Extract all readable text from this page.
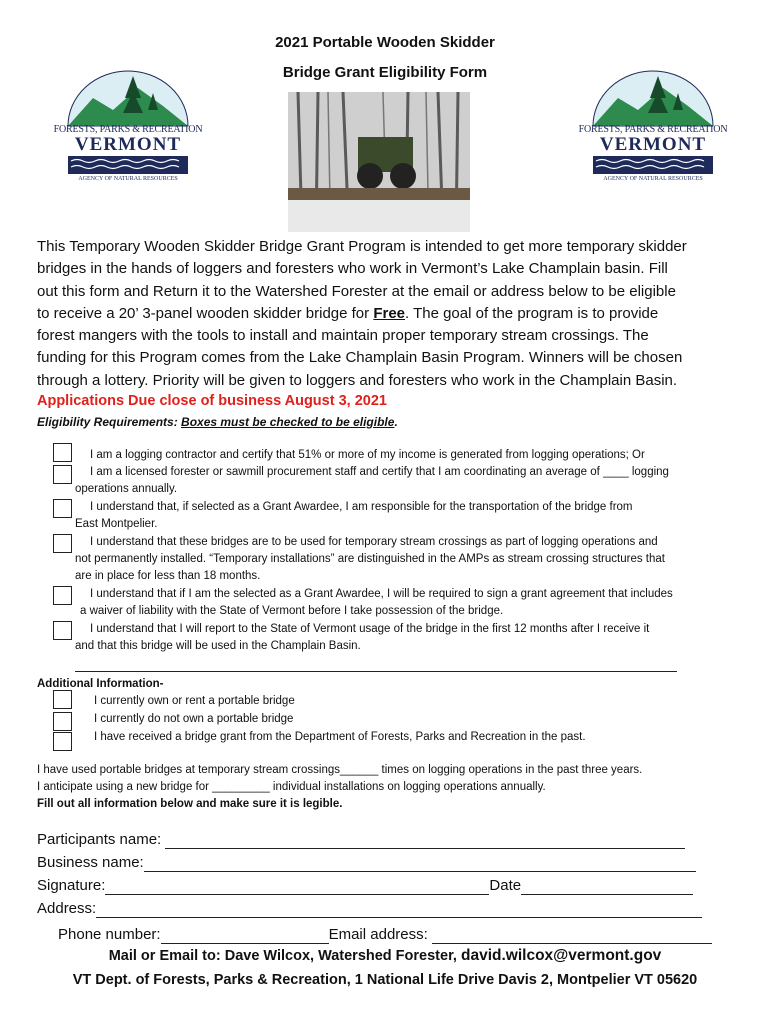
2021 Portable Wooden Skidder
Bridge Grant Eligibility Form
FORESTS, PARKS & RECREATION
VERMONT
AGENCY OF NATURAL RESOURCES
FORESTS, PARKS & RECREATION
VERMONT
AGENCY OF NATURAL RESOURCES
This Temporary Wooden Skidder Bridge Grant Program is intended to get more temporary skidder
bridges in the hands of loggers and foresters who work in Vermont’s Lake Champlain basin. Fill
out this form and Return it to the Watershed Forester at the email or address below to be eligible
to receive a 20’ 3-panel wooden skidder bridge for Free. The goal of the program is to provide
forest mangers with the tools to install and maintain proper temporary stream crossings. The
funding for this Program comes from the Lake Champlain Basin Program. Winners will be chosen
through a lottery. Priority will be given to loggers and foresters who work in the Champlain Basin.
Applications Due close of business August 3, 2021
Eligibility Requirements: Boxes must be checked to be eligible.
I am a logging contractor and certify that 51% or more of my income is generated from logging operations; Or
I am a licensed forester or sawmill procurement staff and certify that I am coordinating an average of ____ logging
operations annually.
I understand that, if selected as a Grant Awardee, I am responsible for the transportation of the bridge from
East Montpelier.
I understand that these bridges are to be used for temporary stream crossings as part of logging operations and
not permanently installed. “Temporary installations” are distinguished in the AMPs as stream crossing structures that
are in place for less than 18 months.
I understand that if I am the selected as a Grant Awardee, I will be required to sign a grant agreement that includes
a waiver of liability with the State of Vermont before I take possession of the bridge.
I understand that I will report to the State of Vermont usage of the bridge in the first 12 months after I receive it
and that this bridge will be used in the Champlain Basin.
Additional Information-
I currently own or rent a portable bridge
I currently do not own a portable bridge
I have received a bridge grant from the Department of Forests, Parks and Recreation in the past.
I have used portable bridges at temporary stream crossings______ times on logging operations in the past three years.
I anticipate using a new bridge for _________ individual installations on logging operations annually.
Fill out all information below and make sure it is legible.
Participants name:
Business name:
Signature:	Date
Address:
Phone number:	Email address:
Mail or Email to: Dave Wilcox, Watershed Forester, david.wilcox@vermont.gov
VT Dept. of Forests, Parks & Recreation, 1 National Life Drive Davis 2, Montpelier VT 05620
